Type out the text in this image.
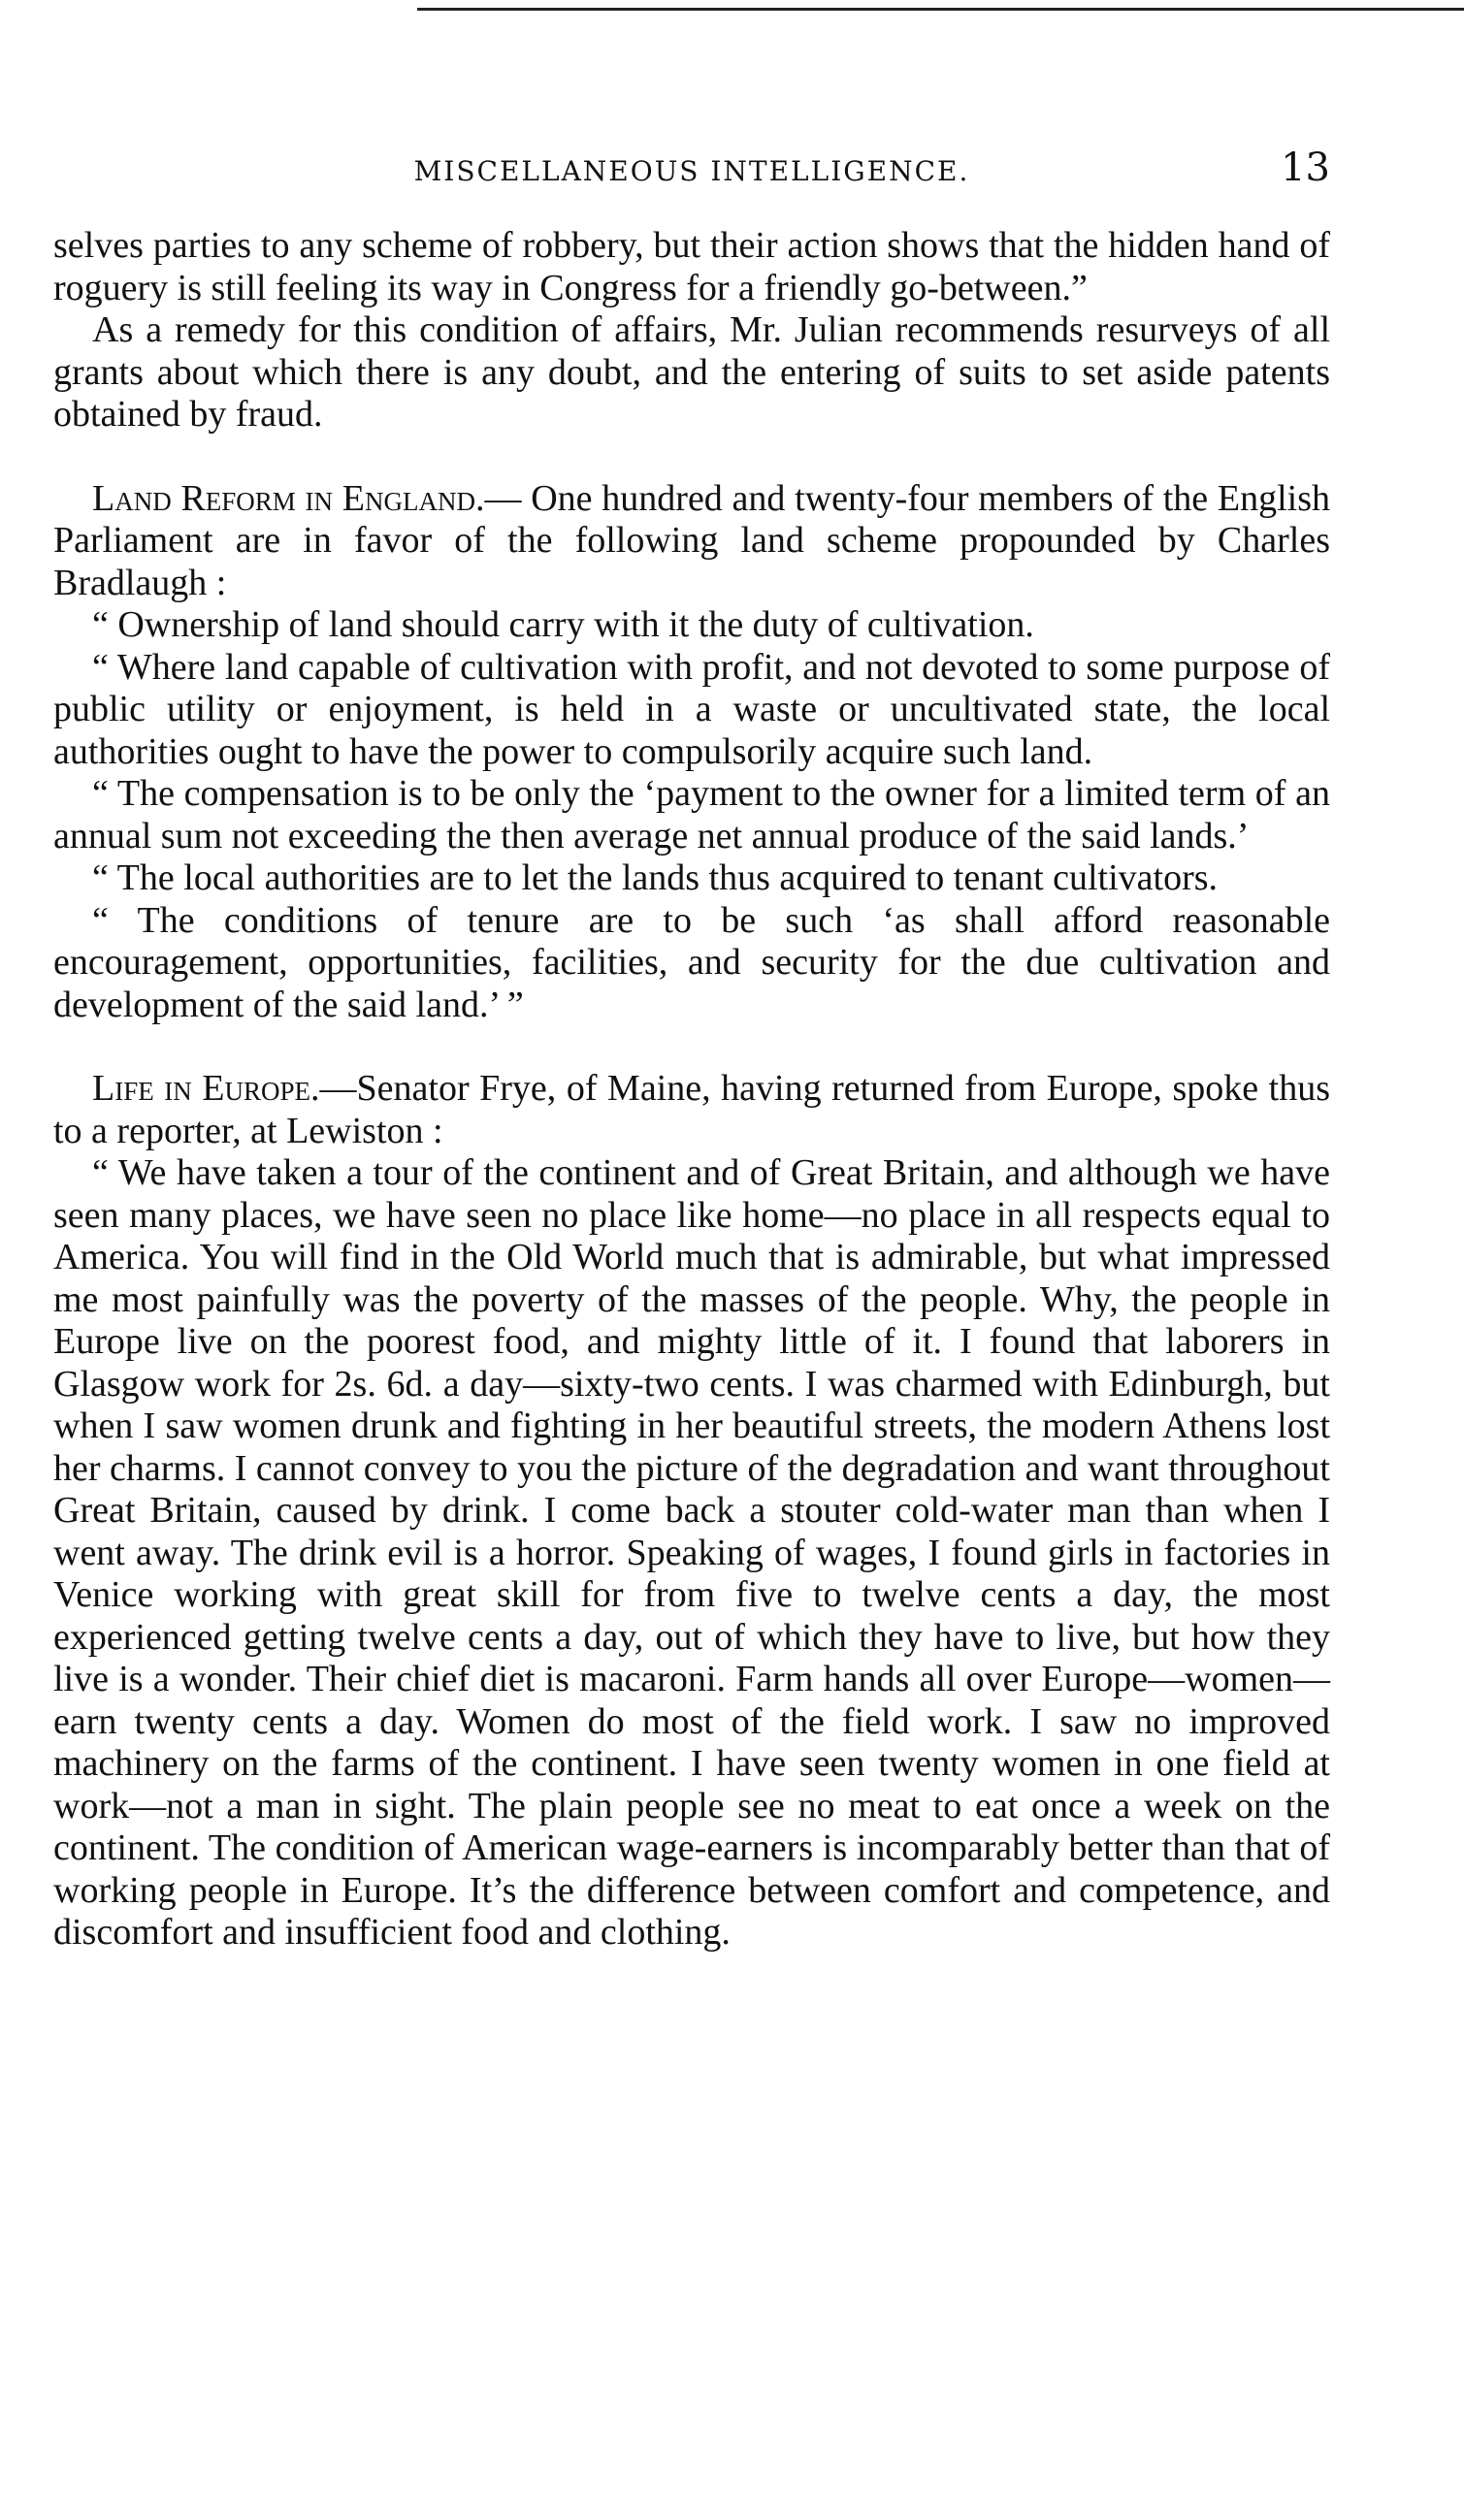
MISCELLANEOUS INTELLIGENCE.	13

selves parties to any scheme of robbery, but their action shows that the hidden hand of roguery is still feeling its way in Congress for a friendly go-between.”

As a remedy for this condition of affairs, Mr. Julian recommends resurveys of all grants about which there is any doubt, and the entering of suits to set aside patents obtained by fraud.

Land Reform in England.— One hundred and twenty-four members of the English Parliament are in favor of the following land scheme propounded by Charles Bradlaugh :

“ Ownership of land should carry with it the duty of cultivation.

“ Where land capable of cultivation with profit, and not devoted to some purpose of public utility or enjoyment, is held in a waste or uncultivated state, the local authorities ought to have the power to compulsorily acquire such land.

“ The compensation is to be only the ‘payment to the owner for a limited term of an annual sum not exceeding the then average net annual produce of the said lands.’

“ The local authorities are to let the lands thus acquired to tenant cultivators.

“ The conditions of tenure are to be such ‘as shall afford reasonable encouragement, opportunities, facilities, and security for the due cultivation and development of the said land.’ ”

Life in Europe.—Senator Frye, of Maine, having returned from Europe, spoke thus to a reporter, at Lewiston :

“ We have taken a tour of the continent and of Great Britain, and although we have seen many places, we have seen no place like home—no place in all respects equal to America. You will find in the Old World much that is admirable, but what impressed me most painfully was the poverty of the masses of the people. Why, the people in Europe live on the poorest food, and mighty little of it. I found that laborers in Glasgow work for 2s. 6d. a day—sixty-two cents. I was charmed with Edinburgh, but when I saw women drunk and fighting in her beautiful streets, the modern Athens lost her charms. I cannot convey to you the picture of the degradation and want throughout Great Britain, caused by drink. I come back a stouter cold-water man than when I went away. The drink evil is a horror. Speaking of wages, I found girls in factories in Venice working with great skill for from five to twelve cents a day, the most experienced getting twelve cents a day, out of which they have to live, but how they live is a wonder. Their chief diet is macaroni. Farm hands all over Europe—women—earn twenty cents a day. Women do most of the field work. I saw no improved machinery on the farms of the continent. I have seen twenty women in one field at work—not a man in sight. The plain people see no meat to eat once a week on the continent. The condition of American wage-earners is incomparably better than that of working people in Europe. It’s the difference between comfort and competence, and discomfort and insufficient food and clothing.
